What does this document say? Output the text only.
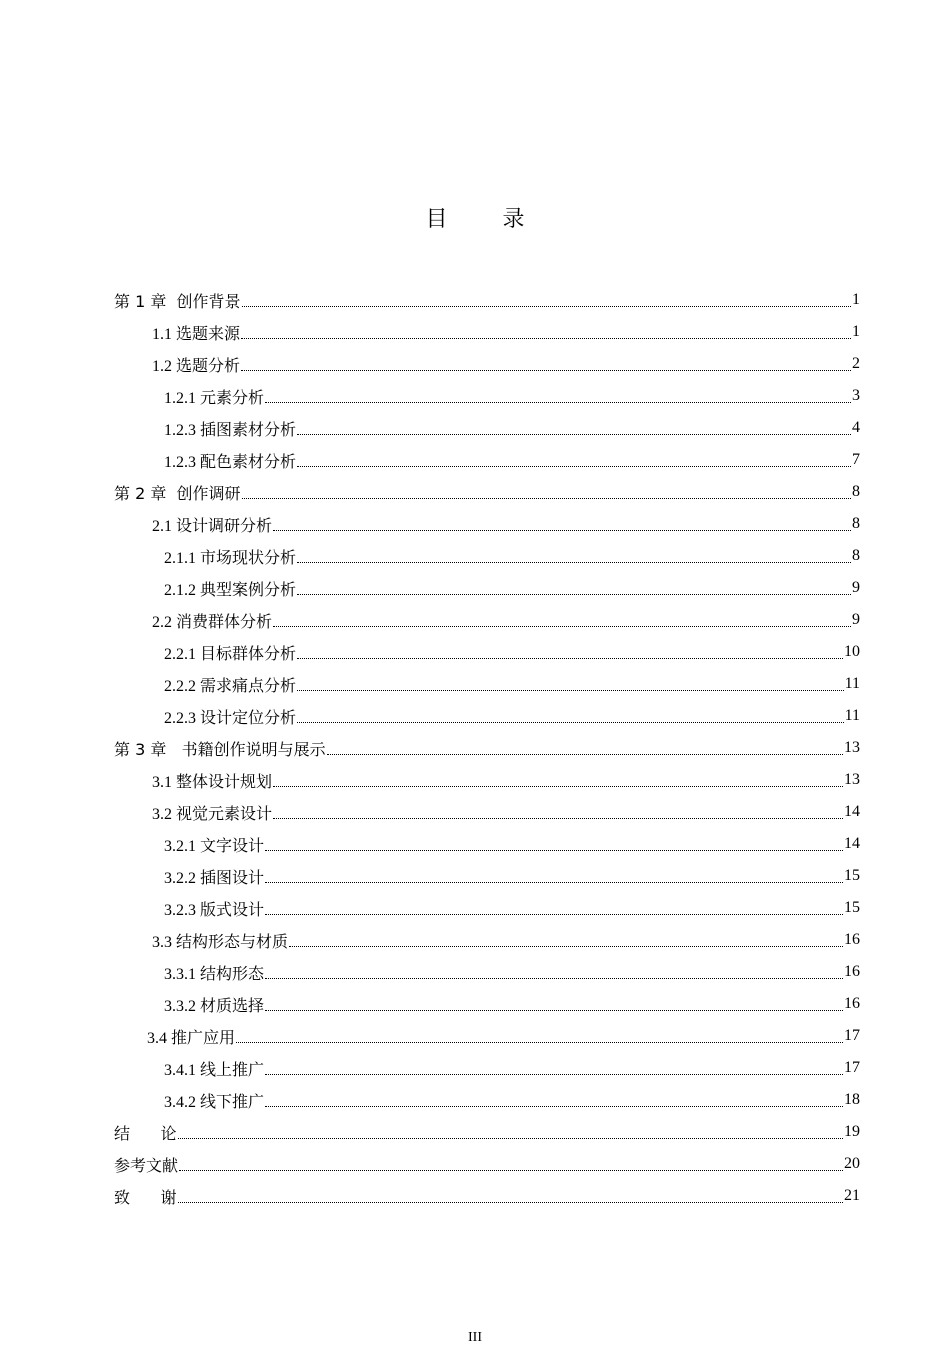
目 录
第 1 章  创作背景	1
1.1 选题来源	1
1.2 选题分析	2
1.2.1 元素分析	3
1.2.3 插图素材分析	4
1.2.3 配色素材分析	7
第 2 章  创作调研	8
2.1 设计调研分析	8
2.1.1 市场现状分析	8
2.1.2 典型案例分析	9
2.2 消费群体分析	9
2.2.1 目标群体分析	10
2.2.2 需求痛点分析	11
2.2.3 设计定位分析	11
第 3 章   书籍创作说明与展示	13
3.1 整体设计规划	13
3.2 视觉元素设计	14
3.2.1 文字设计	14
3.2.2 插图设计	15
3.2.3 版式设计	15
3.3 结构形态与材质	16
3.3.1 结构形态	16
3.3.2 材质选择	16
3.4 推广应用	17
3.4.1 线上推广	17
3.4.2 线下推广	18
结      论	19
参考文献	20
致      谢	21
III
